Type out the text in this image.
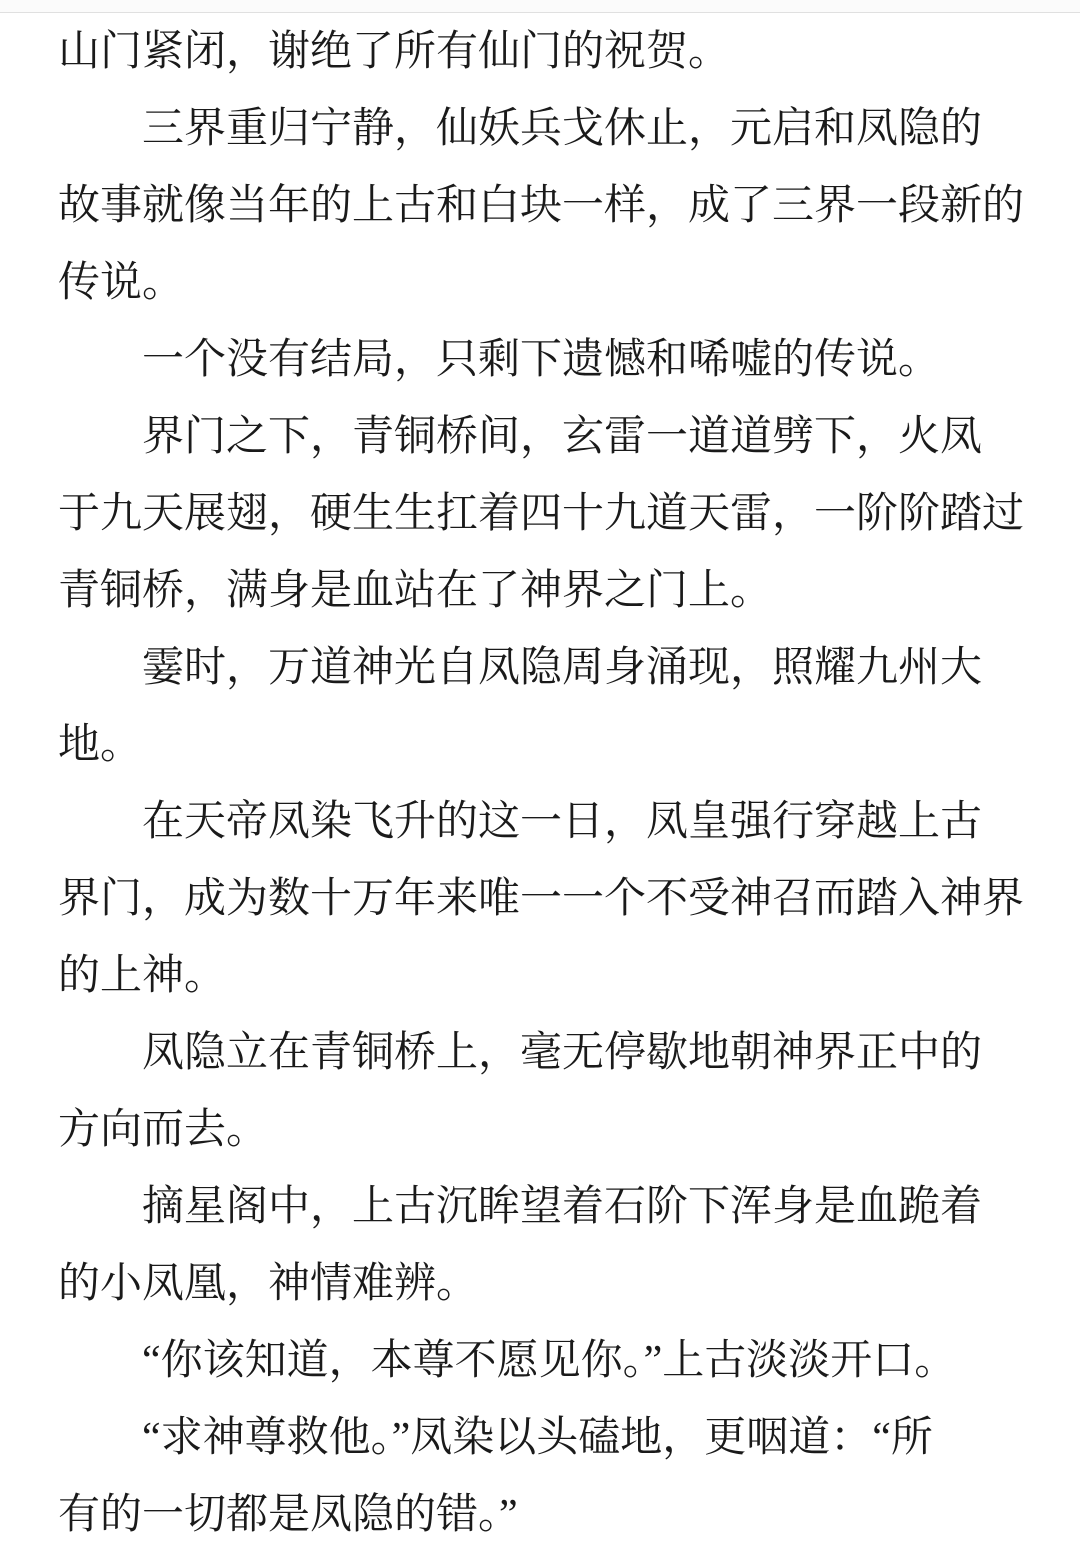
山门紧闭，谢绝了所有仙门的祝贺。
三界重归宁静，仙妖兵戈休止，元启和凤隐的
故事就像当年的上古和白块一样，成了三界一段新的
传说。
一个没有结局，只剩下遗憾和唏嘘的传说。
界门之下，青铜桥间，玄雷一道道劈下，火凤
于九天展翅，硬生生扛着四十九道天雷，一阶阶踏过
青铜桥，满身是血站在了神界之门上。
霎时，万道神光自凤隐周身涌现，照耀九州大
地。
在天帝凤染飞升的这一日，凤皇强行穿越上古
界门，成为数十万年来唯一一个不受神召而踏入神界
的上神。
凤隐立在青铜桥上，毫无停歇地朝神界正中的
方向而去。
摘星阁中，上古沉眸望着石阶下浑身是血跪着
的小凤凰，神情难辨。
“你该知道，本尊不愿见你。”上古淡淡开口。
“求神尊救他。”凤染以头磕地，更咽道：“所
有的一切都是凤隐的错。”
